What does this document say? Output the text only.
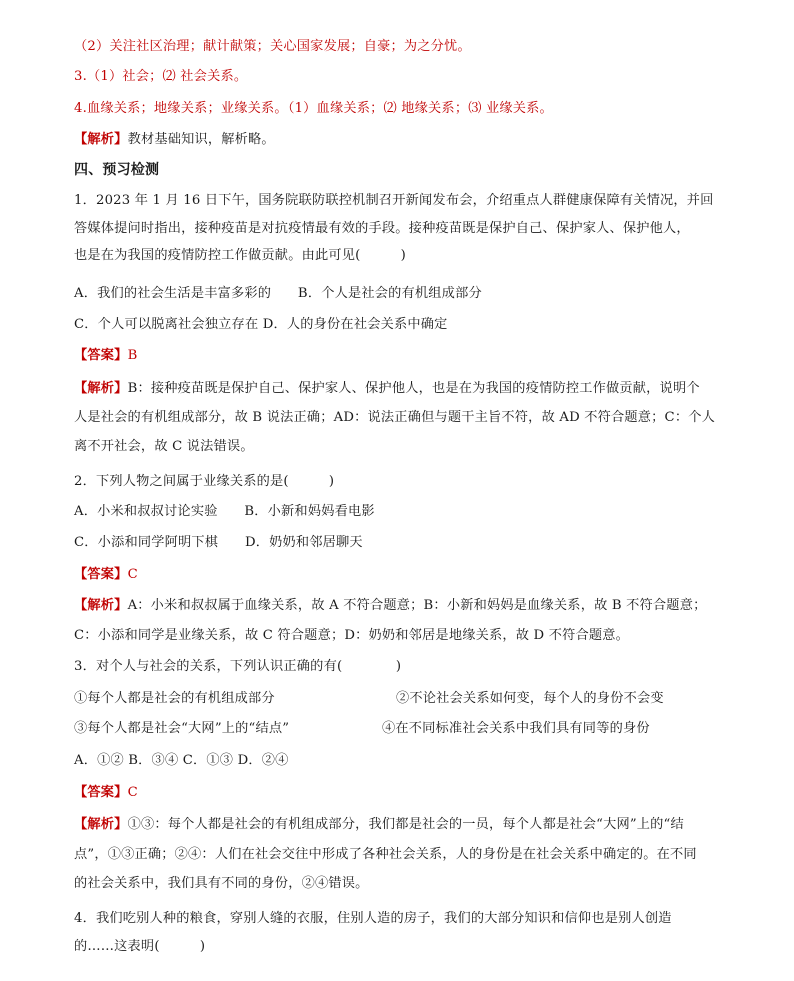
（2）关注社区治理；献计献策；关心国家发展；自豪；为之分忧。
3.（1）社会；⑵ 社会关系。
4.血缘关系；地缘关系；业缘关系。（1）血缘关系；⑵ 地缘关系；⑶ 业缘关系。
【解析】教材基础知识，解析略。
四、预习检测
1．2023 年 1 月 16 日下午，国务院联防联控机制召开新闻发布会，介绍重点人群健康保障有关情况，并回
答媒体提问时指出，接种疫苗是对抗疫情最有效的手段。接种疫苗既是保护自己、保护家人、保护他人，
也是在为我国的疫情防控工作做贡献。由此可见(　　　)
A．我们的社会生活是丰富多彩的　　B．个人是社会的有机组成部分
C．个人可以脱离社会独立存在 D．人的身份在社会关系中确定
【答案】B
【解析】B：接种疫苗既是保护自己、保护家人、保护他人，也是在为我国的疫情防控工作做贡献，说明个
人是社会的有机组成部分，故 B 说法正确；AD：说法正确但与题干主旨不符，故 AD 不符合题意；C：个人
离不开社会，故 C 说法错误。
2．下列人物之间属于业缘关系的是(　　　)
A．小米和叔叔讨论实验　　B．小新和妈妈看电影
C．小添和同学阿明下棋　　D．奶奶和邻居聊天
【答案】C
【解析】A：小米和叔叔属于血缘关系，故 A 不符合题意；B：小新和妈妈是血缘关系，故 B 不符合题意；
C：小添和同学是业缘关系，故 C 符合题意；D：奶奶和邻居是地缘关系，故 D 不符合题意。
3．对个人与社会的关系，下列认识正确的有(　　　　)
①每个人都是社会的有机组成部分	②不论社会关系如何变，每个人的身份不会变
③每个人都是社会“大网”上的“结点”	④在不同标准社会关系中我们具有同等的身份
A．①② B．③④ C．①③ D．②④
【答案】C
【解析】①③：每个人都是社会的有机组成部分，我们都是社会的一员，每个人都是社会“大网”上的“结
点”，①③正确；②④：人们在社会交往中形成了各种社会关系，人的身份是在社会关系中确定的。在不同
的社会关系中，我们具有不同的身份，②④错误。
4．我们吃别人种的粮食，穿别人缝的衣服，住别人造的房子，我们的大部分知识和信仰也是别人创造
的……这表明(　　　)
